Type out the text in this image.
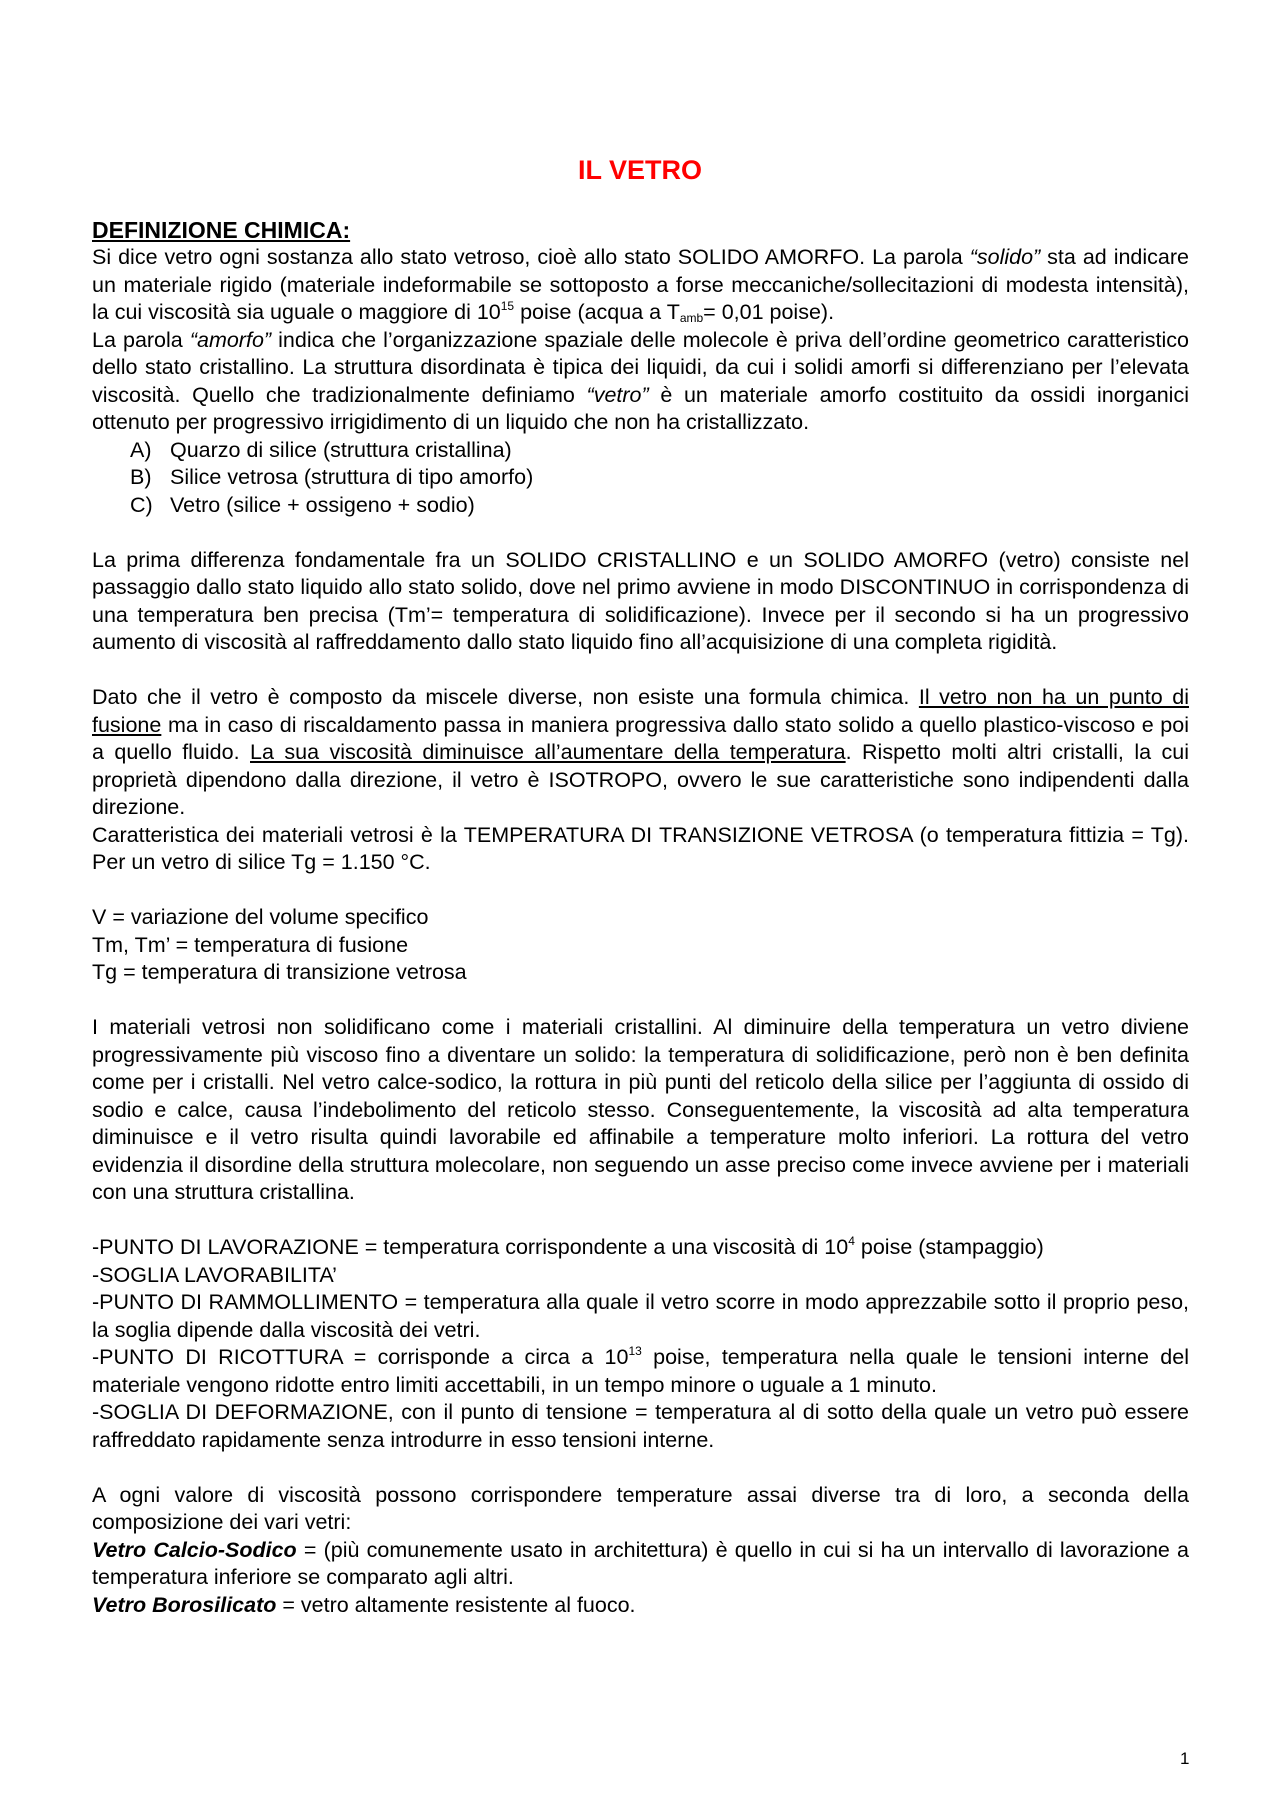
IL VETRO
DEFINIZIONE CHIMICA:

Si dice vetro ogni sostanza allo stato vetroso, cioè allo stato SOLIDO AMORFO. La parola “solido” sta ad indicare un materiale rigido (materiale indeformabile se sottoposto a forse meccaniche/sollecitazioni di modesta intensità), la cui viscosità sia uguale o maggiore di $10^{15}$ poise (acqua a $T_{amb}= 0,01$ poise).

La parola “amorfo” indica che l’organizzazione spaziale delle molecole è priva dell’ordine geometrico caratteristico dello stato cristallino. La struttura disordinata è tipica dei liquidi, da cui i solidi amorfi si differenziano per l’elevata viscosità. Quello che tradizionalmente definiamo “vetro” è un materiale amorfo costituito da ossidi inorganici ottenuto per progressivo irrigidimento di un liquido che non ha cristallizzato.

A) Quarzo di silice (struttura cristallina)
B) Silice vetrosa (struttura di tipo amorfo)
C) Vetro (silice + ossigeno + sodio)

La prima differenza fondamentale fra un SOLIDO CRISTALLINO e un SOLIDO AMORFO (vetro) consiste nel passaggio dallo stato liquido allo stato solido, dove nel primo avviene in modo DISCONTINUO in corrispondenza di una temperatura ben precisa (Tm’= temperatura di solidificazione). Invece per il secondo si ha un progressivo aumento di viscosità al raffreddamento dallo stato liquido fino all’acquisizione di una completa rigidità.

Dato che il vetro è composto da miscele diverse, non esiste una formula chimica. Il vetro non ha un punto di fusione ma in caso di riscaldamento passa in maniera progressiva dallo stato solido a quello plastico-viscoso e poi a quello fluido. La sua viscosità diminuisce all’aumentare della temperatura. Rispetto molti altri cristalli, la cui proprietà dipendono dalla direzione, il vetro è ISOTROPO, ovvero le sue caratteristiche sono indipendenti dalla direzione.

Caratteristica dei materiali vetrosi è la TEMPERATURA DI TRANSIZIONE VETROSA (o temperatura fittizia = Tg). Per un vetro di silice Tg = 1.150 °C.

V = variazione del volume specifico

Tm, Tm’ = temperatura di fusione

Tg = temperatura di transizione vetrosa

I materiali vetrosi non solidificano come i materiali cristallini. Al diminuire della temperatura un vetro diviene progressivamente più viscoso fino a diventare un solido: la temperatura di solidificazione, però non è ben definita come per i cristalli. Nel vetro calce-sodico, la rottura in più punti del reticolo della silice per l’aggiunta di ossido di sodio e calce, causa l’indebolimento del reticolo stesso. Conseguentemente, la viscosità ad alta temperatura diminuisce e il vetro risulta quindi lavorabile ed affinabile a temperature molto inferiori. La rottura del vetro evidenzia il disordine della struttura molecolare, non seguendo un asse preciso come invece avviene per i materiali con una struttura cristallina.

-PUNTO DI LAVORAZIONE = temperatura corrispondente a una viscosità di $10^4$ poise (stampaggio)

-SOGLIA LAVORABILITA’

-PUNTO DI RAMMOLLIMENTO = temperatura alla quale il vetro scorre in modo apprezzabile sotto il proprio peso, la soglia dipende dalla viscosità dei vetri.

-PUNTO DI RICOTTURA = corrisponde a circa a $10^{13}$ poise, temperatura nella quale le tensioni interne del materiale vengono ridotte entro limiti accettabili, in un tempo minore o uguale a 1 minuto.

-SOGLIA DI DEFORMAZIONE, con il punto di tensione = temperatura al di sotto della quale un vetro può essere raffreddato rapidamente senza introdurre in esso tensioni interne.

A ogni valore di viscosità possono corrispondere temperature assai diverse tra di loro, a seconda della composizione dei vari vetri:

Vetro Calcio-Sodico = (più comunemente usato in architettura) è quello in cui si ha un intervallo di lavorazione a temperatura inferiore se comparato agli altri.

Vetro Borosilicato = vetro altamente resistente al fuoco.

1
